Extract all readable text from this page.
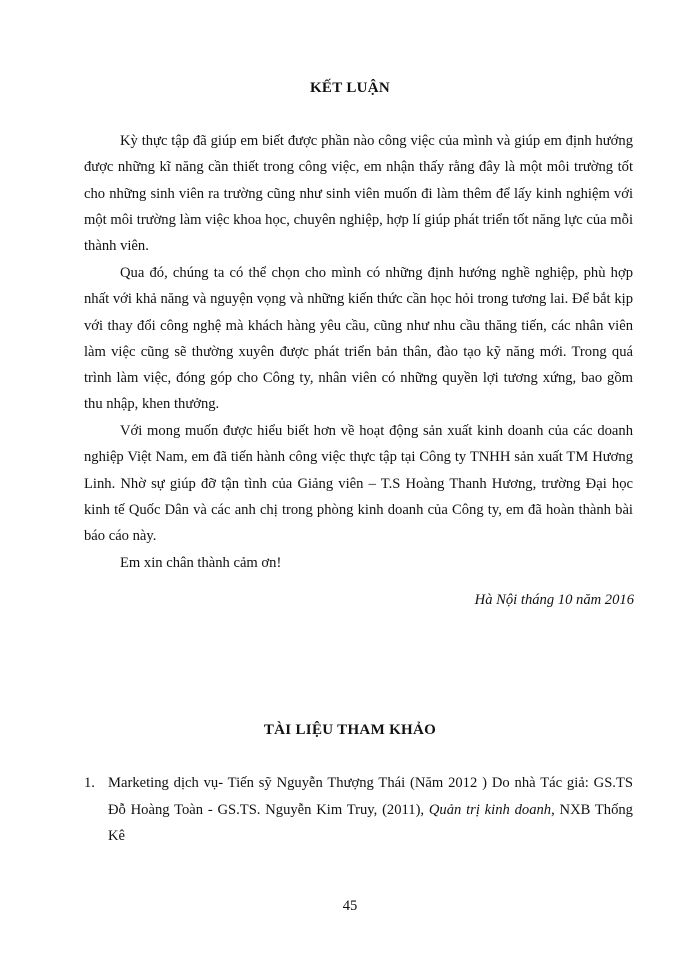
KẾT LUẬN

Kỳ thực tập đã giúp em biết được phần nào công việc của mình và giúp em định hướng được những kĩ năng cần thiết trong công việc, em nhận thấy rằng đây là một môi trường tốt cho những sinh viên ra trường cũng như sinh viên muốn đi làm thêm để lấy kinh nghiệm với một môi trường làm việc khoa học, chuyên nghiệp, hợp lí giúp phát triển tốt năng lực của mỗi thành viên.

Qua đó, chúng ta có thể chọn cho mình có những định hướng nghề nghiệp, phù hợp nhất với khả năng và nguyện vọng và những kiến thức cần học hỏi trong tương lai. Để bắt kịp với thay đổi công nghệ mà khách hàng yêu cầu, cũng như nhu cầu thăng tiến, các nhân viên làm việc cũng sẽ thường xuyên được phát triển bản thân, đào tạo kỹ năng mới. Trong quá trình làm việc, đóng góp cho Công ty, nhân viên có những quyền lợi tương xứng, bao gồm thu nhập, khen thưởng.

Với mong muốn được hiểu biết hơn về hoạt động sản xuất kinh doanh của các doanh nghiệp Việt Nam, em đã tiến hành công việc thực tập tại Công ty TNHH sản xuất TM Hương Linh. Nhờ sự giúp đỡ tận tình của Giảng viên – T.S Hoàng Thanh Hương, trường Đại học kinh tế Quốc Dân và các anh chị trong phòng kinh doanh của Công ty, em đã hoàn thành bài báo cáo này.

Em xin chân thành cảm ơn!

Hà Nội tháng 10 năm 2016
TÀI LIỆU THAM KHẢO

1. Marketing dịch vụ- Tiến sỹ Nguyễn Thượng Thái (Năm 2012 ) Do nhà Tác giả: GS.TS Đỗ Hoàng Toàn - GS.TS. Nguyễn Kim Truy, (2011), Quản trị kinh doanh, NXB Thống Kê

45
